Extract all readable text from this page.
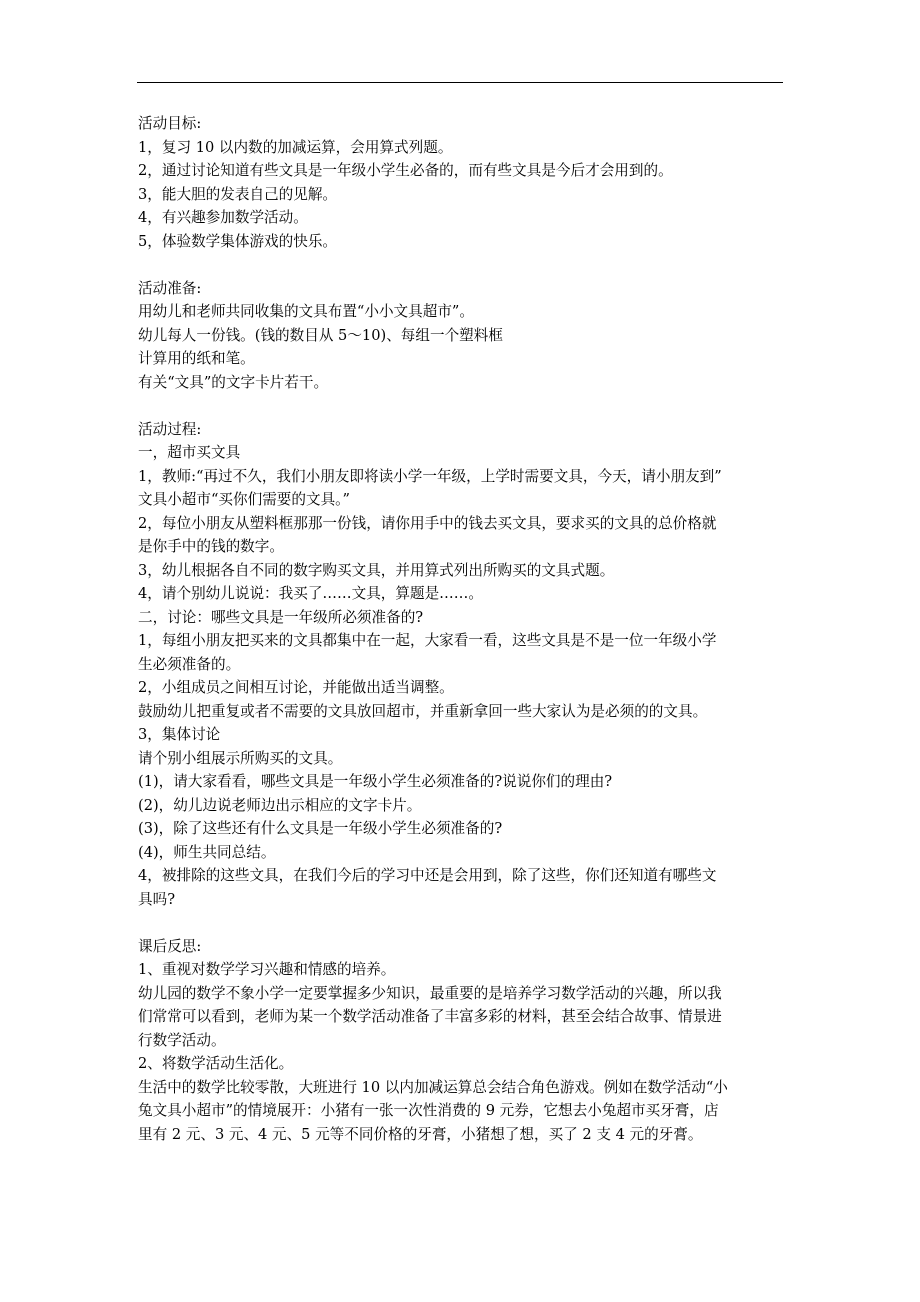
活动目标:
1，复习 10 以内数的加减运算，会用算式列题。
2，通过讨论知道有些文具是一年级小学生必备的，而有些文具是今后才会用到的。
3，能大胆的发表自己的见解。
4，有兴趣参加数学活动。
5，体验数学集体游戏的快乐。
活动准备:
用幼儿和老师共同收集的文具布置“小小文具超市”。
幼儿每人一份钱。(钱的数目从 5～10)、每组一个塑料框
计算用的纸和笔。
有关“文具”的文字卡片若干。
活动过程:
一，超市买文具
1，教师:“再过不久，我们小朋友即将读小学一年级，上学时需要文具，今天，请小朋友到”
文具小超市“买你们需要的文具。”
2，每位小朋友从塑料框那那一份钱，请你用手中的钱去买文具，要求买的文具的总价格就
是你手中的钱的数字。
3，幼儿根据各自不同的数字购买文具，并用算式列出所购买的文具式题。
4，请个别幼儿说说：我买了……文具，算题是……。
二，讨论：哪些文具是一年级所必须准备的?
1，每组小朋友把买来的文具都集中在一起，大家看一看，这些文具是不是一位一年级小学
生必须准备的。
2，小组成员之间相互讨论，并能做出适当调整。
鼓励幼儿把重复或者不需要的文具放回超市，并重新拿回一些大家认为是必须的的文具。
3，集体讨论
请个别小组展示所购买的文具。
(1)，请大家看看，哪些文具是一年级小学生必须准备的?说说你们的理由?
(2)，幼儿边说老师边出示相应的文字卡片。
(3)，除了这些还有什么文具是一年级小学生必须准备的?
(4)，师生共同总结。
4，被排除的这些文具，在我们今后的学习中还是会用到，除了这些，你们还知道有哪些文
具吗?
课后反思:
1、重视对数学学习兴趣和情感的培养。
幼儿园的数学不象小学一定要掌握多少知识，最重要的是培养学习数学活动的兴趣，所以我
们常常可以看到，老师为某一个数学活动准备了丰富多彩的材料，甚至会结合故事、情景进
行数学活动。
2、将数学活动生活化。
生活中的数学比较零散，大班进行 10 以内加减运算总会结合角色游戏。例如在数学活动“小
兔文具小超市”的情境展开：小猪有一张一次性消费的 9 元券，它想去小兔超市买牙膏，店
里有 2 元、3 元、4 元、5 元等不同价格的牙膏，小猪想了想，买了 2 支 4 元的牙膏。
